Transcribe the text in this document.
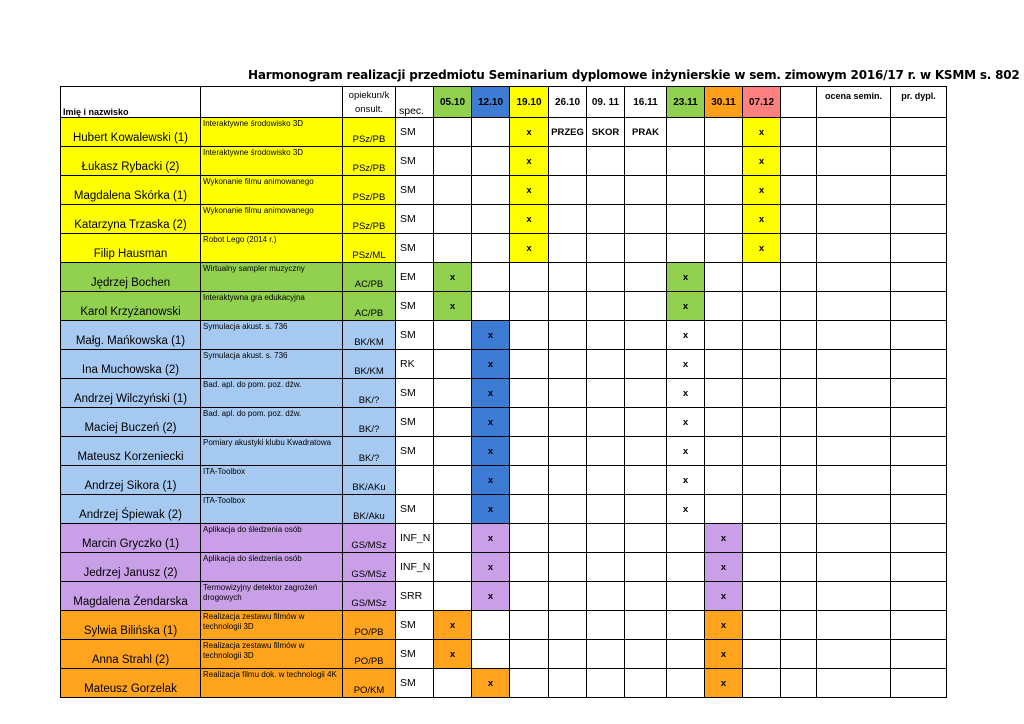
Harmonogram realizacji przedmiotu Seminarium dyplomowe inżynierskie w sem. zimowym 2016/17 r. w KSMM s. 802
Imię i nazwisko		opiekun/k onsult.	spec.	05.10	12.10	19.10	26.10	09. 11	16.11	23.11	30.11	07.12		ocena semin.	pr. dypl.
Hubert Kowalewski (1)	Interaktywne środowisko 3D	PSz/PB	SM			x	PRZEG	SKOR	PRAK			x			
Łukasz Rybacki (2)	Interaktywne środowisko 3D	PSz/PB	SM			x						x			
Magdalena Skórka (1)	Wykonanie filmu animowanego	PSz/PB	SM			x						x			
Katarzyna Trzaska (2)	Wykonanie filmu animowanego	PSz/PB	SM			x						x			
Filip Hausman	Robot Lego (2014 r.)	PSz/ML	SM			x						x			
Jędrzej Bochen	Wirtualny sampler muzyczny	AC/PB	EM	x						x					
Karol Krzyżanowski	Interaktywna gra edukacyjna	AC/PB	SM	x						x					
Małg. Mańkowska (1)	Symulacja akust. s. 736	BK/KM	SM		x					x					
Ina Muchowska (2)	Symulacja akust. s. 736	BK/KM	RK		x					x					
Andrzej Wilczyński (1)	Bad. apl. do pom. poz. dźw.	BK/?	SM		x					x					
Maciej Buczeń (2)	Bad. apl. do pom. poz. dźw.	BK/?	SM		x					x					
Mateusz Korzeniecki	Pomiary akustyki klubu Kwadratowa	BK/?	SM		x					x					
Andrzej Sikora (1)	ITA-Toolbox	BK/AKu			x					x					
Andrzej Śpiewak (2)	ITA-Toolbox	BK/Aku	SM		x					x					
Marcin Gryczko (1)	Aplikacja do śledzenia osób	GS/MSz	INF_N		x						x				
Jedrzej Janusz (2)	Aplikacja do śledzenia osób	GS/MSz	INF_N		x						x				
Magdalena Żendarska	Termowizyjny detektor zagrożeń drogowych	GS/MSz	SRR		x						x				
Sylwia Bilińska (1)	Realizacja zestawu filmów w technologii 3D	PO/PB	SM	x							x				
Anna Strahl (2)	Realizacja zestawu filmów w technologii 3D	PO/PB	SM	x							x				
Mateusz Gorzelak	Realizacja filmu dok. w technologii 4K	PO/KM	SM		x						x				
